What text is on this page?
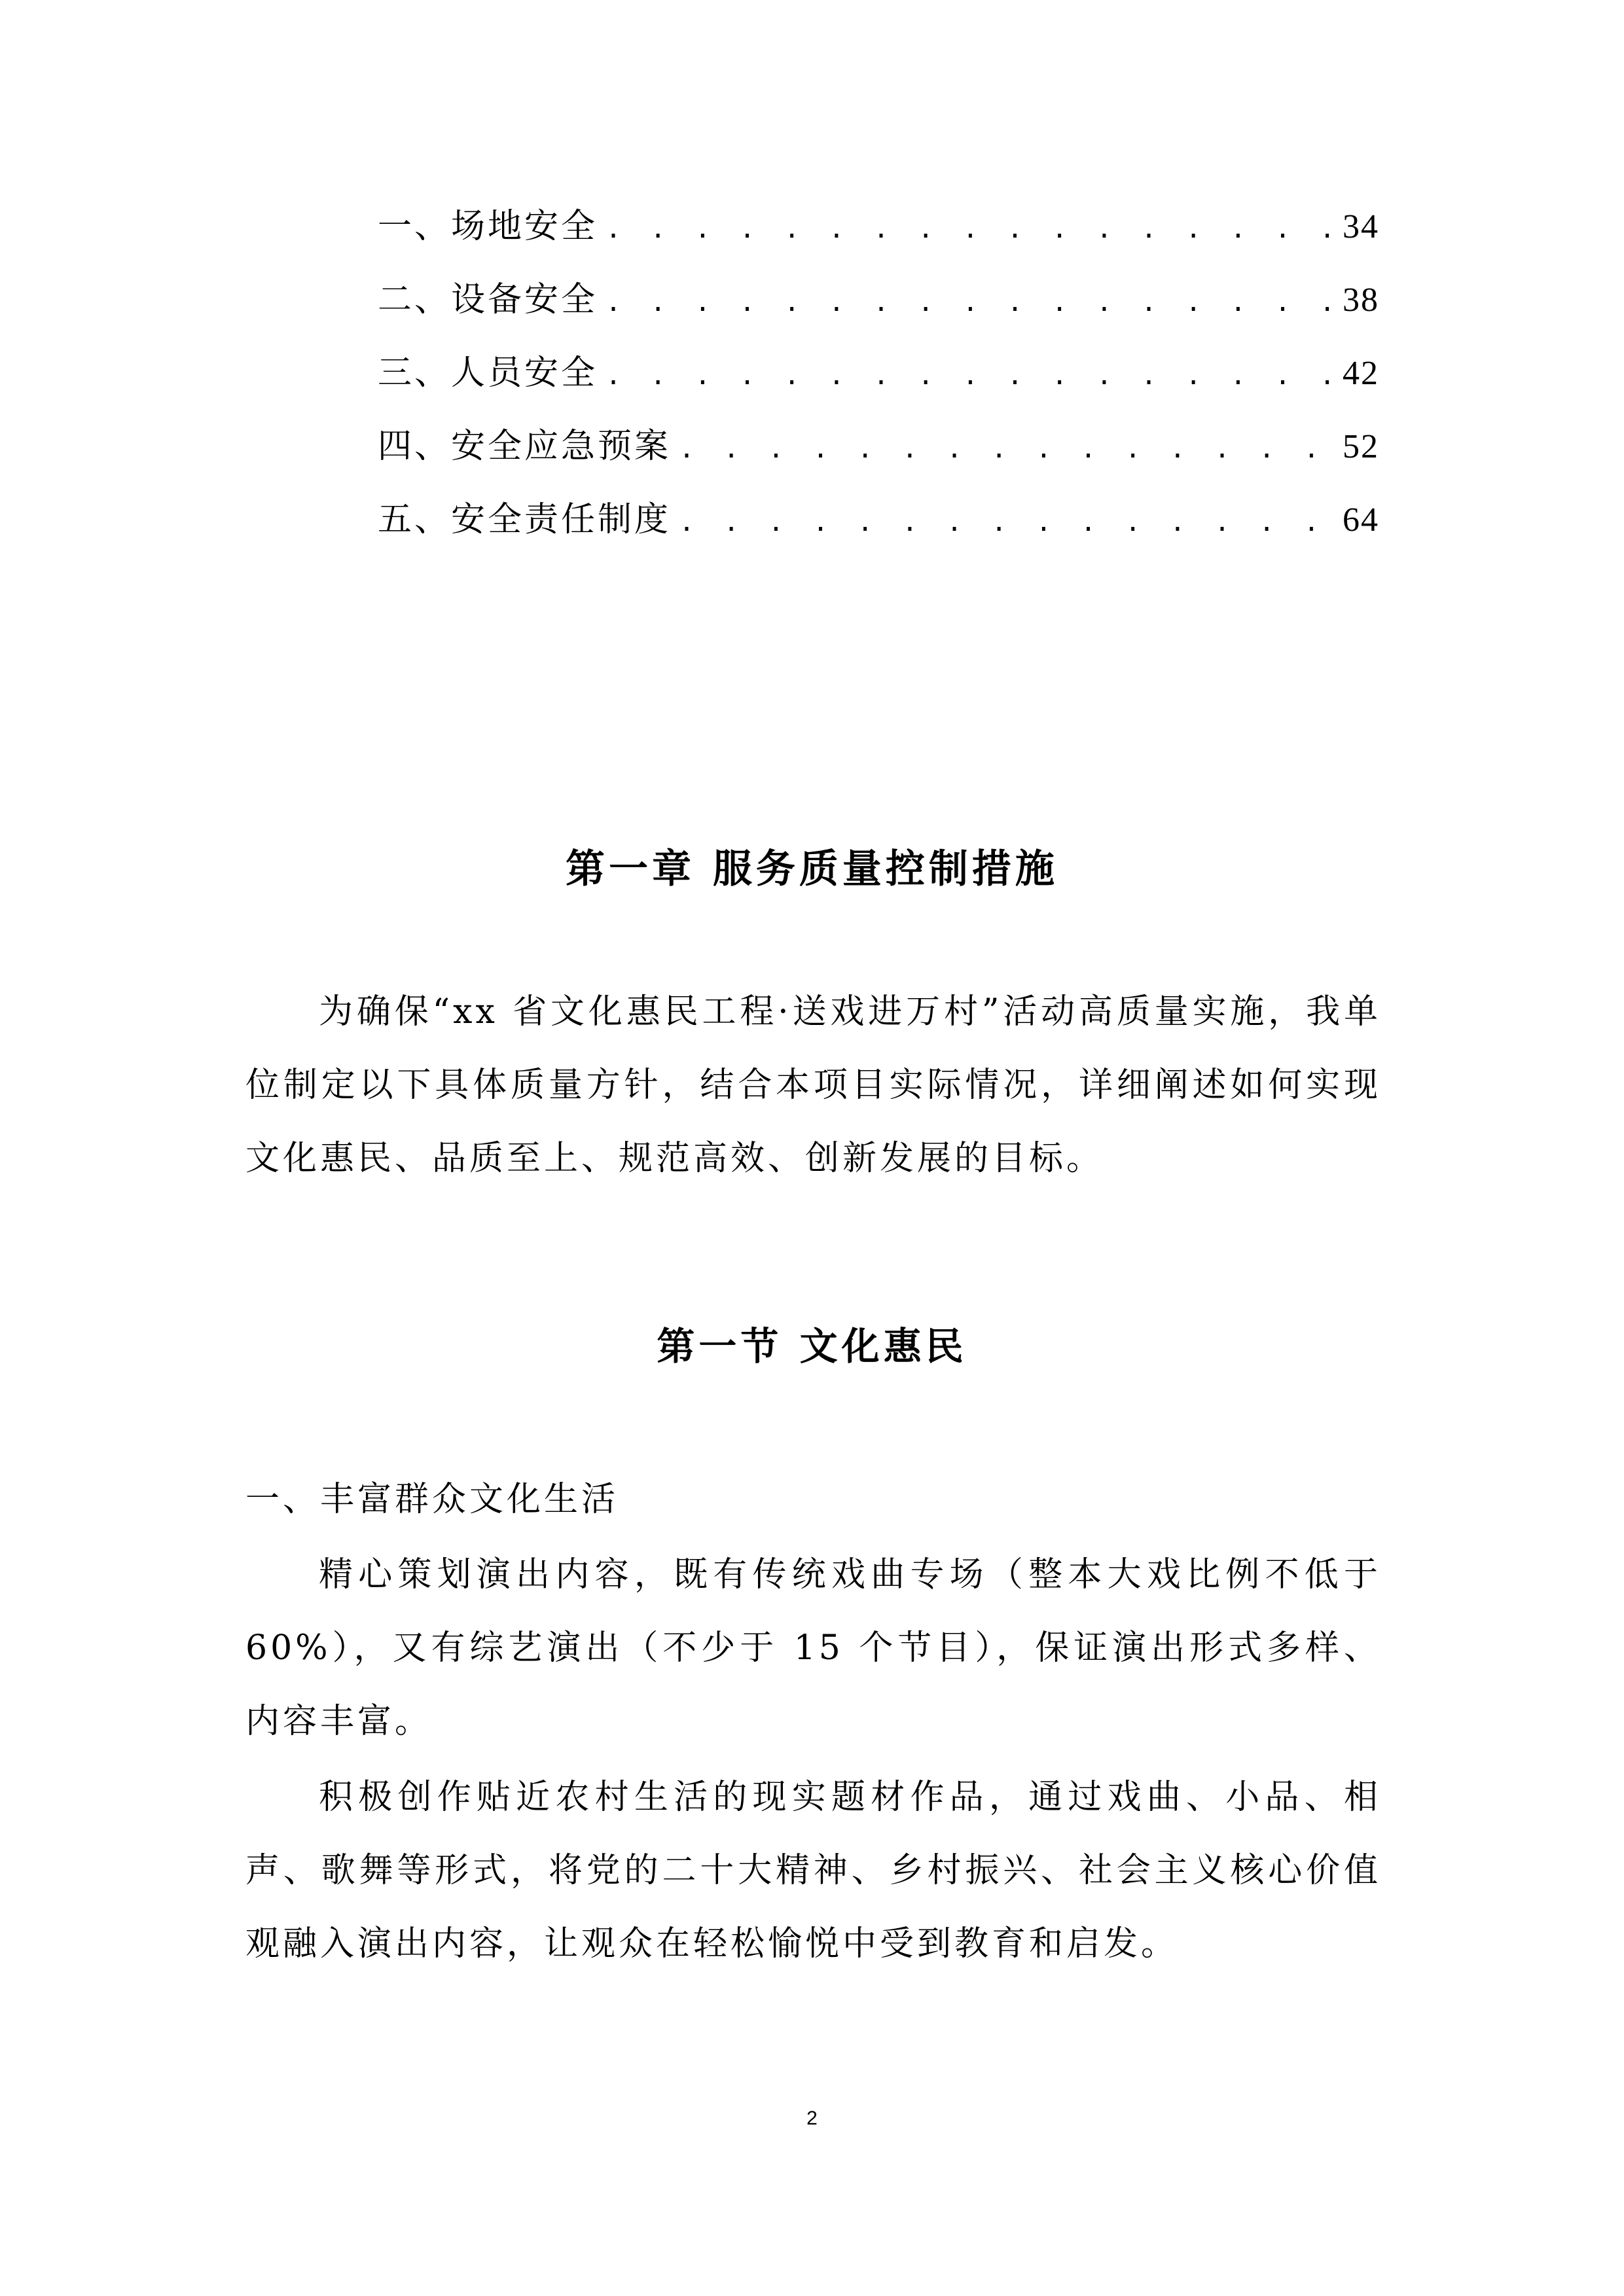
一、场地安全 . . .	34
二、设备安全 . . .	38
三、人员安全 . . .	42
四、安全应急预案 . . .	52
五、安全责任制度 . . .	64
第一章 服务质量控制措施

为确保“xx 省文化惠民工程·送戏进万村”活动高质量实施，我单位制定以下具体质量方针，结合本项目实际情况，详细阐述如何实现文化惠民、品质至上、规范高效、创新发展的目标。

第一节 文化惠民
一、丰富群众文化生活

精心策划演出内容，既有传统戏曲专场（整本大戏比例不低于 60%），又有综艺演出（不少于 15 个节目），保证演出形式多样、内容丰富。

积极创作贴近农村生活的现实题材作品，通过戏曲、小品、相声、歌舞等形式，将党的二十大精神、乡村振兴、社会主义核心价值观融入演出内容，让观众在轻松愉悦中受到教育和启发。

2
